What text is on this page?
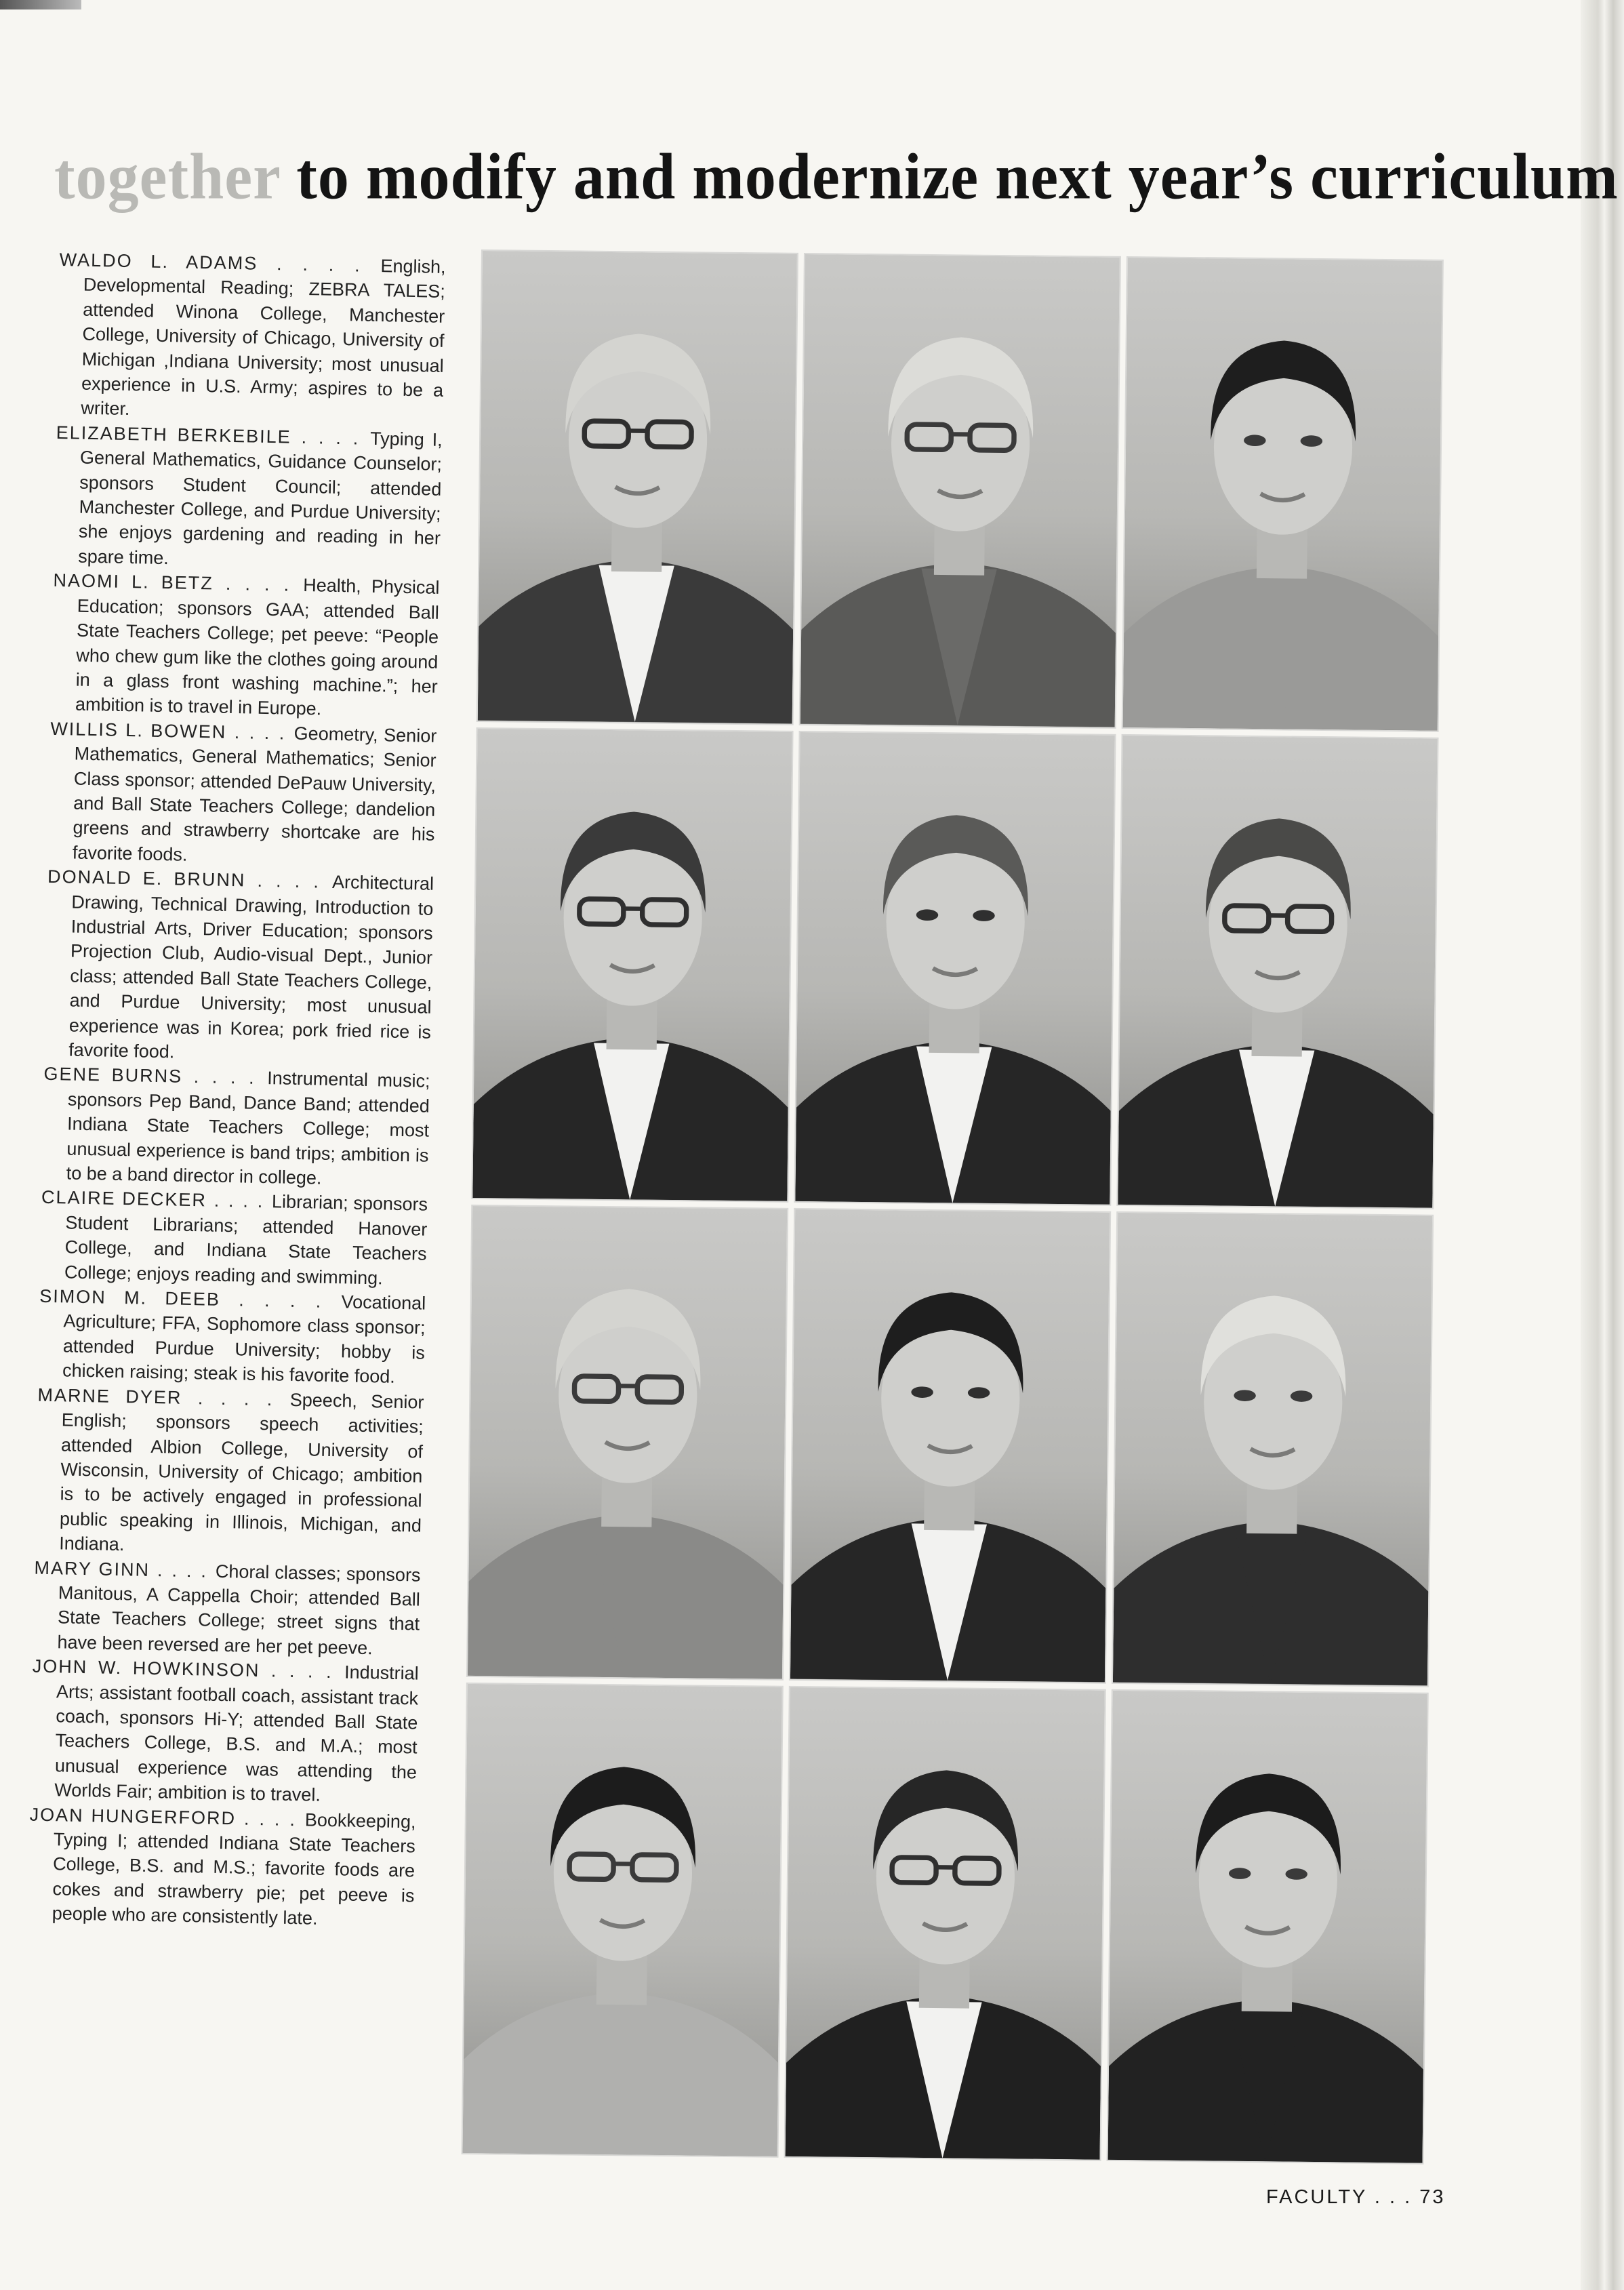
together to modify and modernize next year’s curriculum

WALDO L. ADAMS . . . . English, Developmental Reading; ZEBRA TALES; attended Winona College, Manchester College, University of Chicago, University of Michigan ,Indiana University; most unusual experience in U.S. Army; aspires to be a writer.

ELIZABETH BERKEBILE . . . . Typing I, General Mathematics, Guidance Counselor; sponsors Student Council; attended Manchester College, and Purdue University; she enjoys gardening and reading in her spare time.

NAOMI L. BETZ . . . . Health, Physical Education; sponsors GAA; attended Ball State Teachers College; pet peeve: “People who chew gum like the clothes going around in a glass front washing machine.”; her ambition is to travel in Europe.

WILLIS L. BOWEN . . . . Geometry, Senior Mathematics, General Mathematics; Senior Class sponsor; attended DePauw University, and Ball State Teachers College; dandelion greens and strawberry shortcake are his favorite foods.

DONALD E. BRUNN . . . . Architectural Drawing, Technical Drawing, Introduction to Industrial Arts, Driver Education; sponsors Projection Club, Audio-visual Dept., Junior class; attended Ball State Teachers College, and Purdue University; most unusual experience was in Korea; pork fried rice is favorite food.

GENE BURNS . . . . Instrumental music; sponsors Pep Band, Dance Band; attended Indiana State Teachers College; most unusual experience is band trips; ambition is to be a band director in college.

CLAIRE DECKER . . . . Librarian; sponsors Student Librarians; attended Hanover College, and Indiana State Teachers College; enjoys reading and swimming.

SIMON M. DEEB . . . . Vocational Agriculture; FFA, Sophomore class sponsor; attended Purdue University; hobby is chicken raising; steak is his favorite food.

MARNE DYER . . . . Speech, Senior English; sponsors speech activities; attended Albion College, University of Wisconsin, University of Chicago; ambition is to be actively engaged in professional public speaking in Illinois, Michigan, and Indiana.

MARY GINN . . . . Choral classes; sponsors Manitous, A Cappella Choir; attended Ball State Teachers College; street signs that have been reversed are her pet peeve.

JOHN W. HOWKINSON . . . . Industrial Arts; assistant football coach, assistant track coach, sponsors Hi-Y; attended Ball State Teachers College, B.S. and M.A.; most unusual experience was attending the Worlds Fair; ambition is to travel.

JOAN HUNGERFORD . . . . Bookkeeping, Typing I; attended Indiana State Teachers College, B.S. and M.S.; favorite foods are cokes and strawberry pie; pet peeve is people who are consistently late.

FACULTY . . . 73
